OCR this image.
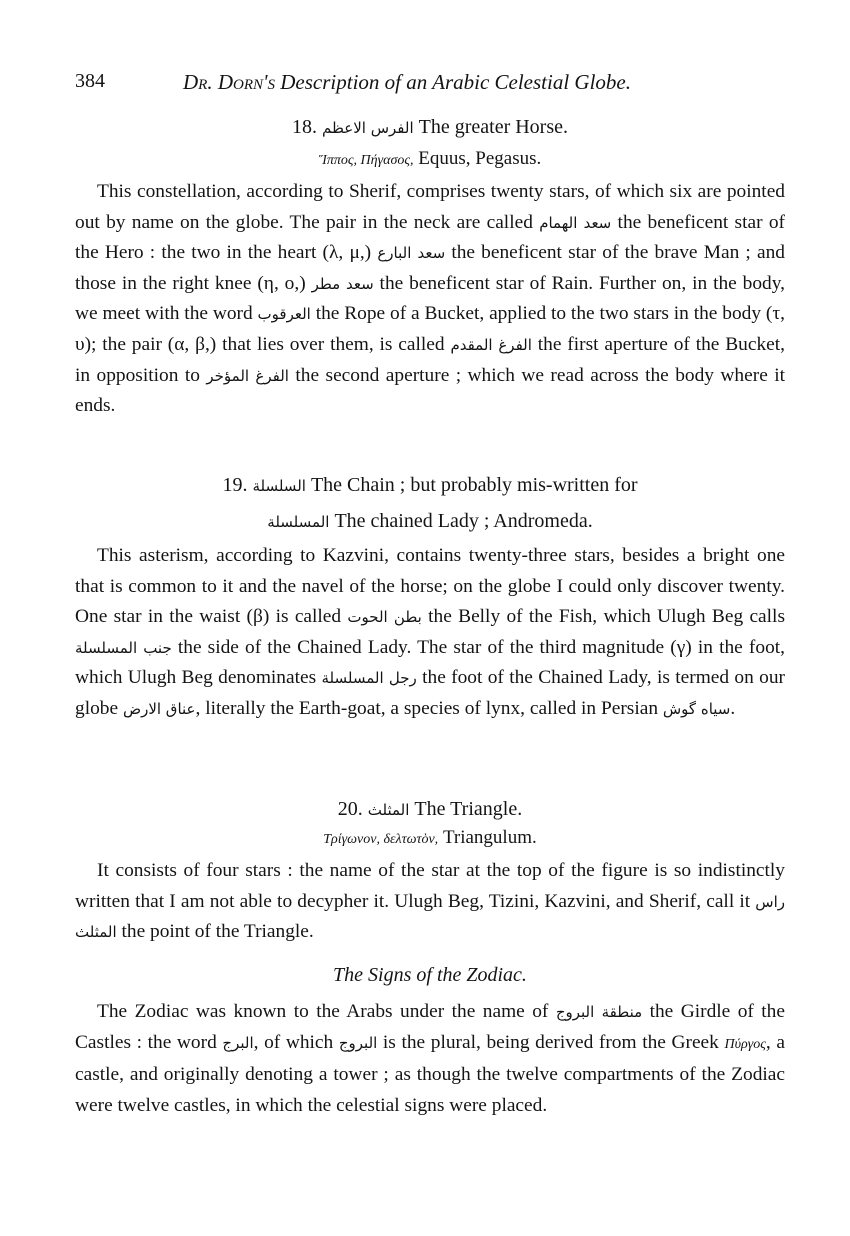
384	Dr. Dorn's Description of an Arabic Celestial Globe.
18. الفرس الاعظم The greater Horse.
Ἵππος, Πήγασος, Equus, Pegasus.

This constellation, according to Sherif, comprises twenty stars, of which six are pointed out by name on the globe. The pair in the neck are called سعد الهمام the beneficent star of the Hero : the two in the heart (λ, μ,) سعد البارع the beneficent star of the brave Man ; and those in the right knee (η, ο,) سعد مطر the beneficent star of Rain. Further on, in the body, we meet with the word العرقوب the Rope of a Bucket, applied to the two stars in the body (τ, υ); the pair (α, β,) that lies over them, is called الفرغ المقدم the first aperture of the Bucket, in opposition to الفرغ المؤخر the second aperture ; which we read across the body where it ends.

19. السلسلة The Chain ; but probably mis-written for
المسلسلة The chained Lady ; Andromeda.

This asterism, according to Kazvini, contains twenty-three stars, besides a bright one that is common to it and the navel of the horse; on the globe I could only discover twenty. One star in the waist (β) is called بطن الحوت the Belly of the Fish, which Ulugh Beg calls جنب المسلسلة the side of the Chained Lady. The star of the third magnitude (γ) in the foot, which Ulugh Beg denominates رجل المسلسلة the foot of the Chained Lady, is termed on our globe عناق الارض, literally the Earth-goat, a species of lynx, called in Persian سیاه گوش.

20. المثلث The Triangle.
Τρίγωνον, δελτωτὸν, Triangulum.

It consists of four stars : the name of the star at the top of the figure is so indistinctly written that I am not able to decypher it. Ulugh Beg, Tizini, Kazvini, and Sherif, call it راس المثلث the point of the Triangle.

The Signs of the Zodiac.

The Zodiac was known to the Arabs under the name of منطقة البروج the Girdle of the Castles : the word البرج, of which البروج is the plural, being derived from the Greek Πύργος, a castle, and originally denoting a tower ; as though the twelve compartments of the Zodiac were twelve castles, in which the celestial signs were placed.
